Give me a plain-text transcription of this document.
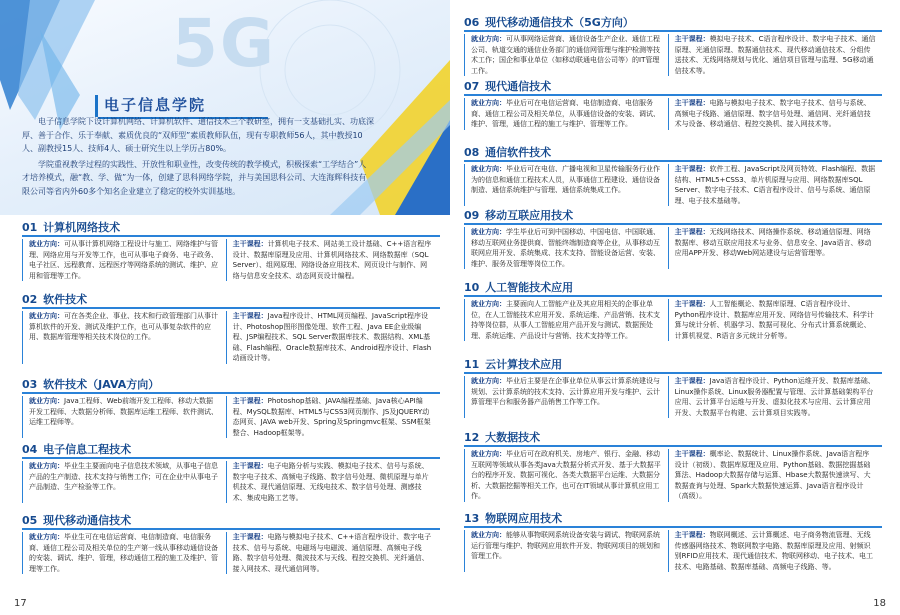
5G
电子信息学院

电子信息学院下设计算机网络、计算机软件、通信技术三个教研室，拥有一支基础扎实、功底深厚、善于合作、乐于奉献、素质优良的“双师型”素质教师队伍，现有专职教师56人，其中教授10人、副教授15人、技师4人、硕士研究生以上学历占80%。

学院重视教学过程的实践性、开放性和职业性，改变传统的教学模式，积极探索“工学结合”人才培养模式，融“教、学、做”为一体，创建了思科网络学院，并与美国思科公司、大连海辉科技有限公司等省内外60多个知名企业建立了稳定的校外实训基地。

01 计算机网络技术
就业方向：可从事计算机网络工程设计与施工、网络维护与管理、网络应用与开发等工作，也可从事电子商务、电子政务、电子社区、远程教育、远程医疗等网络系统的测试、维护、应用和管理等工作。
主干课程：计算机电子技术、网站美工设计基础、C++语言程序设计、数据库原理及应用、计算机网络技术、网络数据库（SQL Server）、组网原理、网络设备应用技术、网页设计与制作、网络与信息安全技术、动态网页设计编程。
02 软件技术
就业方向：可在各类企业、事业、技术和行政管理部门从事计算机软件的开发、测试及维护工作，也可从事复杂软件的应用、数据库管理等相关技术岗位的工作。
主干课程：Java程序设计、HTML网页编程、JavaScript程序设计、Photoshop图形图像处理、软件工程、Java EE企业级编程、JSP编程技术、SQL Server数据库技术、数据结构、XML基础、Flash编程、Oracle数据库技术、Android程序设计、Flash动画设计等。
03 软件技术（JAVA方向）
就业方向：Java工程师、Web前端开发工程师、移动大数据开发工程师、大数据分析师、数据库运维工程师、软件测试、运维工程师等。
主干课程：Photoshop基础、JAVA编程基础、Java核心API编程、MySQL数据库、HTML5与CSS3网页制作、JS及JQUERY动态网页、JAVA web开发、Spring及Springmvc框架、SSM框架整合、Hadoop框架等。
04 电子信息工程技术
就业方向：毕业生主要面向电子信息技术领域，从事电子信息产品的生产制造、技术支持与销售工作；可在企业中从事电子产品制造、生产检验等工作。
主干课程：电子电路分析与实践、模拟电子技术、信号与系统、数字电子技术、高频电子线路、数字信号处理、微机原理与单片机技术、现代通信原理、无线电技术、数字信号处理、测感技术、集成电路工艺等。
05 现代移动通信技术
就业方向：毕业生可在电信运营商、电信制造商、电信服务商、通信工程公司及相关单位的生产第一线从事移动通信设备的安装、调试、维护、管理，移动通信工程的施工及维护、管理等工作。
主干课程：电路与模拟电子技术、C++语言程序设计、数字电子技术、信号与系统、电磁场与电磁波、通信原理、高频电子线路、数字信号处理、微波技术与天线、程控交换机、光纤通信、接入网技术、现代通信网等。
17
06 现代移动通信技术（5G方向）
就业方向：可从事网络运营商、通信设备生产企业、通信工程公司、轨道交通的通信业务部门的通信网管理与维护检测等技术工作；国企和事业单位（如移动联通电信公司等）的IT管理工作。
主干课程：模拟电子技术、C语言程序设计、数字电子技术、通信原理、光通信原理、数据通信技术、现代移动通信技术、分组传送技术、无线网络规划与优化、通信项目管理与监理、5G移动通信技术等。
07 现代通信技术
就业方向：毕业后可在电信运营商、电信制造商、电信服务商、通信工程公司及相关单位，从事通信设备的安装、调试、维护、管理，通信工程的施工与维护、管理等工作。
主干课程：电路与模拟电子技术、数字电子技术、信号与系统、高频电子线路、通信原理、数字信号处理、通信网、光纤通信技术与设备、移动通信、程控交换机、接入网技术等。
08 通信软件技术
就业方向：毕业后可在电信、广播电视和卫星传输服务行业作为的信息和通信工程技术人员，从事通信工程建设、通信设备制造、通信系统维护与管理、通信系统集成工作。
主干课程：软件工程、JavaScript及网页特效、Flash编程、数据结构、HTML5+CSS3、单片机原理与应用、网络数据库SQL Server、数字电子技术、C语言程序设计、信号与系统、通信原理、电子技术基础等。
09 移动互联应用技术
就业方向：学生毕业后可到中国移动、中国电信、中国联通、移动互联网业务提供商、智能终端制造商等企业，从事移动互联网应用开发、系统集成、技术支持、智能设备运营、安装、维护、服务及管理等岗位工作。
主干课程：无线网络技术、网络操作系统、移动通信原理、网络数据库、移动互联应用技术与业务、信息安全、Java语言、移动应用APP开发、移动Web网站建设与运营管理等。
10 人工智能技术应用
就业方向：主要面向人工智能产业及其应用相关的企事业单位，在人工智能技术应用开发、系统运维、产品营销、技术支持等岗位群，从事人工智能应用产品开发与测试、数据预处理、系统运维、产品设计与营销、技术支持等工作。
主干课程：人工智能概论、数据库原理、C语言程序设计、Python程序设计、数据库应用开发、网络信号传输技术、科学计算与统计分析、机器学习、数据可视化、分布式计算系统概论、计算机视觉、R语言多元统计分析等。
11 云计算技术应用
就业方向：毕业后主要是在企事业单位从事云计算系统建设与规划、云计算系统的技术支持、云计算应用开发与维护、云计算管理平台和服务器产品销售工作等工作。
主干课程：Java语言程序设计、Python运维开发、数据库基础、Linux操作系统、Linux服务器配置与管理、云计算基础架构平台应用、云计算平台运维与开发、虚拟化技术与应用、云计算应用开发、大数据平台构建、云计算项目实践等。
12 大数据技术
就业方向：毕业后可在政府机关、房地产、银行、金融、移动互联网等领域从事各类Java大数据分析式开发、基于大数据平台的程序开发、数据可视化、各类大数据平台运维、大数据分析、大数据挖掘等相关工作，也可在IT领域从事计算机应用工作。
主干课程：概率论、数据统计、Linux操作系统、Java语言程序设计（初级）、数据库原理及应用、Python基础、数据挖掘基础算法、Hadoop大数据存储与运算、Hbase大数据快速读写、大数据查询与处理、Spark大数据快速运算、Java语言程序设计（高级）。
13 物联网应用技术
就业方向：能够从事物联网系统设备安装与调试、物联网系统运行管理与维护、物联网应用软件开发、物联网项目的规划和管理工作。
主干课程：物联网概述、云计算概述、电子商务物流管理、无线传感器网络技术、物联网数字电路、数据库原理及应用、射频识别RFID应用技术、现代通信技术、物联网移动、电子技术、电工技术、电路基础、数据库基础、高频电子线路、等。
18
